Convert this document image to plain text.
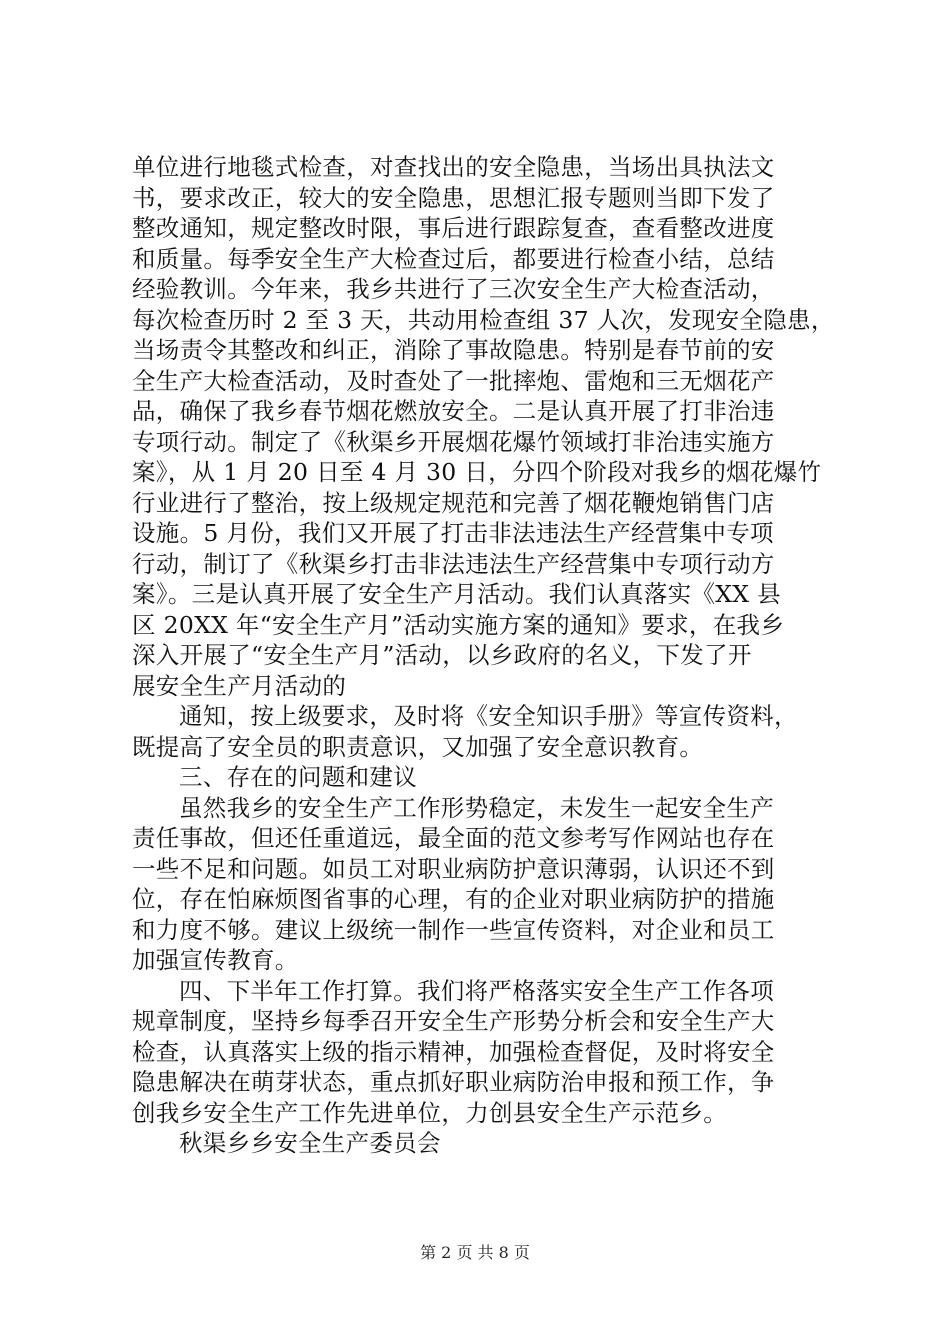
单位进行地毯式检查，对查找出的安全隐患，当场出具执法文
书，要求改正，较大的安全隐患，思想汇报专题则当即下发了
整改通知，规定整改时限，事后进行跟踪复查，查看整改进度
和质量。每季安全生产大检查过后，都要进行检查小结，总结
经验教训。今年来，我乡共进行了三次安全生产大检查活动，
每次检查历时 2 至 3 天，共动用检查组 37 人次，发现安全隐患，
当场责令其整改和纠正，消除了事故隐患。特别是春节前的安
全生产大检查活动，及时查处了一批摔炮、雷炮和三无烟花产
品，确保了我乡春节烟花燃放安全。二是认真开展了打非治违
专项行动。制定了《秋渠乡开展烟花爆竹领域打非治违实施方
案》，从 1 月 20 日至 4 月 30 日，分四个阶段对我乡的烟花爆竹
行业进行了整治，按上级规定规范和完善了烟花鞭炮销售门店
设施。5 月份，我们又开展了打击非法违法生产经营集中专项
行动，制订了《秋渠乡打击非法违法生产经营集中专项行动方
案》。三是认真开展了安全生产月活动。我们认真落实《XX 县
区 20XX 年“安全生产月”活动实施方案的通知》要求，在我乡
深入开展了“安全生产月”活动，以乡政府的名义，下发了开
展安全生产月活动的
通知，按上级要求，及时将《安全知识手册》等宣传资料，
既提高了安全员的职责意识，又加强了安全意识教育。
三、存在的问题和建议
虽然我乡的安全生产工作形势稳定，未发生一起安全生产
责任事故，但还任重道远，最全面的范文参考写作网站也存在
一些不足和问题。如员工对职业病防护意识薄弱，认识还不到
位，存在怕麻烦图省事的心理，有的企业对职业病防护的措施
和力度不够。建议上级统一制作一些宣传资料，对企业和员工
加强宣传教育。
四、下半年工作打算。我们将严格落实安全生产工作各项
规章制度，坚持乡每季召开安全生产形势分析会和安全生产大
检查，认真落实上级的指示精神，加强检查督促，及时将安全
隐患解决在萌芽状态，重点抓好职业病防治申报和预工作，争
创我乡安全生产工作先进单位，力创县安全生产示范乡。
秋渠乡乡安全生产委员会
第 2 页 共 8 页
